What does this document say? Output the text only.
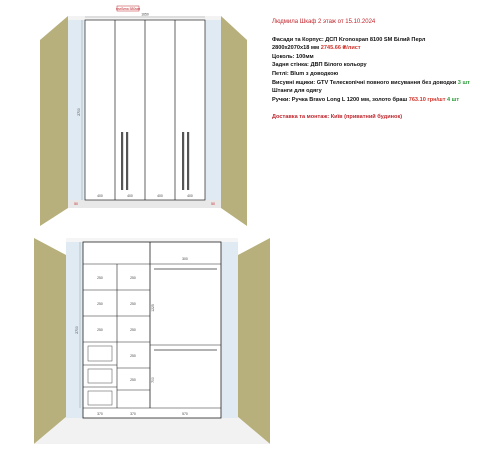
глибина 580мм
1650
2700
400	400	400	400
50	50
2700
300
250
250
250
250
250
250
250
250
1225
700
370	370	570
Людмила Шкаф 2 этаж от 15.10.2024
Фасади та Корпус: ДСП Kronospan 8100 SM Білий Перл
2800x2070x18 мм 2745.66 ₴/лист
Цоколь: 100мм
Задня стінка: ДВП Білого кольору
Петлі: Blum з доводкою
Висувні ящики: GTV Телескопічні повного висування без доводки 3 шт
Штанги для одягу
Ручки: Ручка Bravo Long L 1200 мм, золото браш 763.10 грн/шт 4 шт
Доставка та монтаж: Київ (приватний будинок)
